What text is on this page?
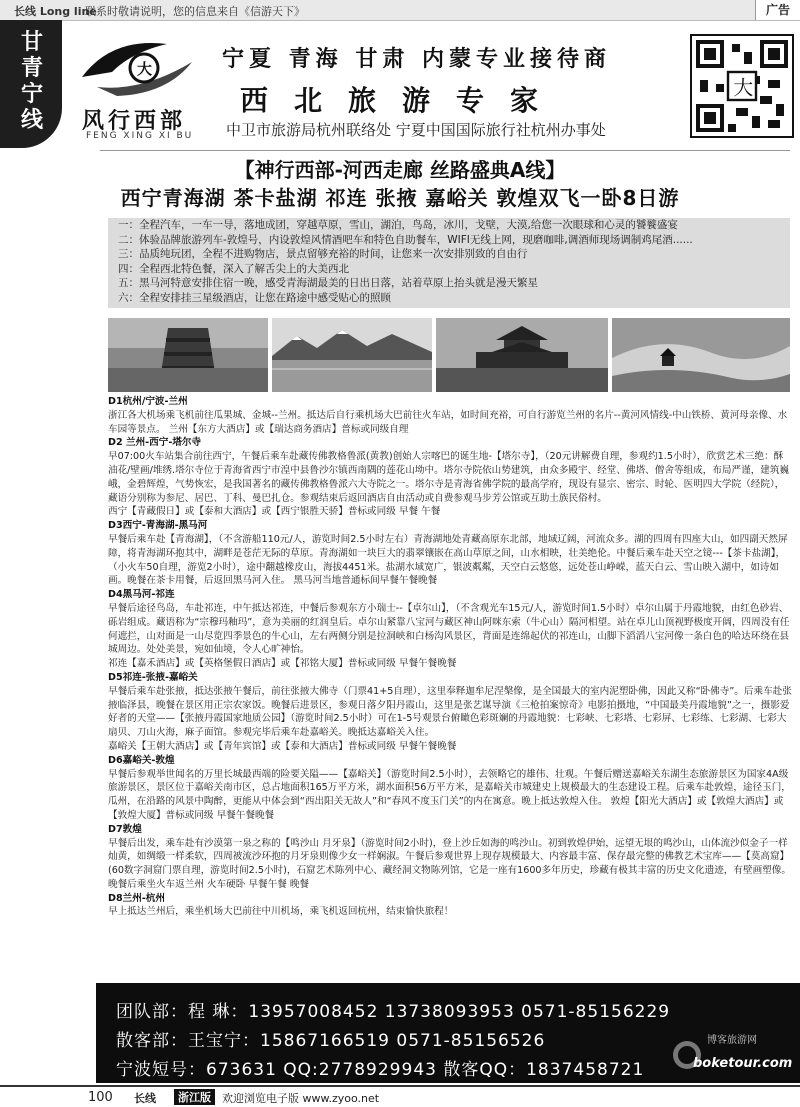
长线 Long line
联系时敬请说明，您的信息来自《信游天下》	广告
甘青宁线
大
风行西部
FENG XING XI BU
宁夏 青海 甘肃 内蒙专业接待商
西北旅游专家
中卫市旅游局杭州联络处 宁夏中国国际旅行社杭州办事处
大
【神行西部-河西走廊 丝路盛典A线】
西宁青海湖 茶卡盐湖 祁连 张掖 嘉峪关 敦煌双飞一卧8日游
一：全程汽车，一车一导，落地成团，穿越草原，雪山，湖泊，鸟岛，冰川，戈壁，大漠,给您一次眼球和心灵的饕餮盛宴
二：体验品牌旅游列车-敦煌号，内设敦煌风情酒吧车和特色自助餐车，WIFI无线上网，现磨咖啡,调酒师现场调制鸡尾酒......
三：品质纯玩团，全程不进购物店，景点留够充裕的时间，让您来一次安排别致的自由行
四：全程西北特色餐，深入了解舌尖上的大美西北
五：黑马河特意安排住宿一晚，感受青海湖最美的日出日落，站着草原上抬头就是漫天繁星
六：全程安排挂三星级酒店，让您在路途中感受贴心的照顾

D1杭州/宁波-兰州

浙江各大机场乘飞机前往瓜果城、金城--兰州。抵达后自行乘机场大巴前往火车站，如时间充裕，可自行游览兰州的名片--黄河风情线-中山铁桥、黄河母亲像、水车园等景点。 兰州【东方大酒店】或【瑞达商务酒店】普标或同级自理

D2 兰州-西宁-塔尔寺

早07:00火车站集合前往西宁，午餐后乘车赴藏传佛教格鲁派(黄教)创始人宗喀巴的诞生地-【塔尔寺】，（20元讲解费自理，参观约1.5小时），欣赏艺术三绝：酥油花/壁画/堆绣.塔尔寺位于青海省西宁市湟中县鲁沙尔镇西南隅的莲花山坳中。塔尔寺院依山势建筑，由众多殿宇、经堂、佛塔、僧舍等组成，布局严谨，建筑巍峨，金碧辉煌，气势恢宏，是我国著名的藏传佛教格鲁派六大寺院之一。塔尔寺是青海省佛学院的最高学府，现设有显宗、密宗、时轮、医明四大学院（经院），藏语分别称为参尼、居巴、丁科、曼巴扎仓。参观结束后返回酒店自由活动或自费参观马步芳公馆或互助土族民俗村。

西宁【青藏假日】或【泰和大酒店】或【西宁银胜天骄】普标或同级 早餐 午餐

D3西宁-青海湖-黑马河

早餐后乘车赴【青海湖】，（不含游船110元/人，游览时间2.5小时左右）青海湖地处青藏高原东北部，地域辽阔，河流众多。湖的四周有四座大山，如四副天然屏障，将青海湖环抱其中，湖畔是苍茫无际的草原。青海湖如一块巨大的翡翠镶嵌在高山草原之间，山水相映，壮美绝伦。中餐后乘车赴天空之镜---【茶卡盐湖】，（小火车50自理，游览2小时），途中翻越橡皮山，海拔4451米。盐湖水域宽广，银波粼粼，天空白云悠悠，远处苍山峥嵘，蓝天白云、雪山映入湖中，如诗如画。晚餐在茶卡用餐，后返回黑马河入住。 黑马河当地普通标间早餐午餐晚餐

D4黑马河-祁连

早餐后途径鸟岛，车赴祁连，中午抵达祁连，中餐后参观东方小瑞士--【卓尔山】，（不含观光车15元/人，游览时间1.5小时）卓尔山属于丹霞地貌，由红色砂岩、砾岩组成。藏语称为“宗穆玛釉玛”，意为美丽的红润皇后。卓尔山紧靠八宝河与藏区神山阿咪东索（牛心山）隔河相望。站在卓儿山顶视野极度开阔，四周没有任何遮拦，山对面是一山尽览四季景色的牛心山，左右两侧分别是拉洞峡和白杨沟风景区，背面是连绵起伏的祁连山，山脚下滔滔八宝河像一条白色的哈达环绕在县城周边。处处美景，宛如仙境，令人心旷神怡。

祁连【嘉禾酒店】或【英格堡假日酒店】或【祁铭大厦】普标或同级 早餐午餐晚餐

D5祁连-张掖-嘉峪关

早餐后乘车赴张掖，抵达张掖午餐后，前往张掖大佛寺（门票41+5自理），这里奉释迦牟尼涅槃像，是全国最大的室内泥塑卧佛，因此又称“卧佛寺”。后乘车赴张掖临泽县，晚餐在景区用正宗农家饭。晚餐后进景区，参观日落夕阳丹霞山，这里是张艺谋导演《三枪拍案惊奇》电影拍摄地，“中国最美丹霞地貌”之一，摄影爱好者的天堂——【张掖丹霞国家地质公园】（游览时间2.5小时）可在1-5号观景台俯瞰色彩斑斓的丹霞地貌：七彩峡、七彩塔、七彩屏、七彩练、七彩湖、七彩大扇贝、刀山火海，麻子面馆。参观完毕后乘车赴嘉峪关。晚抵达嘉峪关入住。

嘉峪关【王朝大酒店】或【青年宾馆】或【泰和大酒店】普标或同级 早餐午餐晚餐

D6嘉峪关-敦煌

早餐后参观举世闻名的万里长城最西端的险要关隘——【嘉峪关】（游览时间2.5小时），去领略它的雄伟、壮观。午餐后赠送嘉峪关东湖生态旅游景区为国家4A级旅游景区，景区位于嘉峪关南市区，总占地面积165万平方米，湖水面积56万平方米，是嘉峪关市城建史上规模最大的生态建设工程。后乘车赴敦煌，途径玉门，瓜州，在沿路的风景中陶醉，更能从中体会到“西出阳关无故人”和“春风不度玉门关”的内在寓意。晚上抵达敦煌入住。 敦煌【阳光大酒店】或【敦煌大酒店】或【敦煌大厦】普标或同级 早餐午餐晚餐

D7敦煌

早餐后出发，乘车赴有沙漠第一泉之称的【鸣沙山 月牙泉】（游览时间2小时)，登上沙丘如海的鸣沙山。初到敦煌伊始，远望无垠的鸣沙山，山体流沙似金子一样灿黄，如绸缎一样柔软，四周被流沙环抱的月牙泉则像少女一样娴淑。午餐后参观世界上现存规模最大、内容最丰富、保存最完整的佛教艺术宝库——【莫高窟】(60数字洞窟门票自理，游览时间2.5小时)，石窟艺术陈列中心、藏经洞文物陈列馆，它是一座有1600多年历史，珍藏有极其丰富的历史文化遗迹，有壁画塑像。晚餐后乘坐火车返兰州 火车硬卧 早餐午餐 晚餐

D8兰州-杭州

早上抵达兰州后，乘坐机场大巴前往中川机场，乘飞机返回杭州，结束愉快旅程！

团队部：程 琳：13957008452 13738093953 0571-85156229
散客部：王宝宁：15867166519 0571-85156526
宁波短号：673631 QQ:2778929943 散客QQ：1837458721
博客旅游网
boketour.com
100 长线	浙江版	欢迎浏览电子版 www.zyoo.net
